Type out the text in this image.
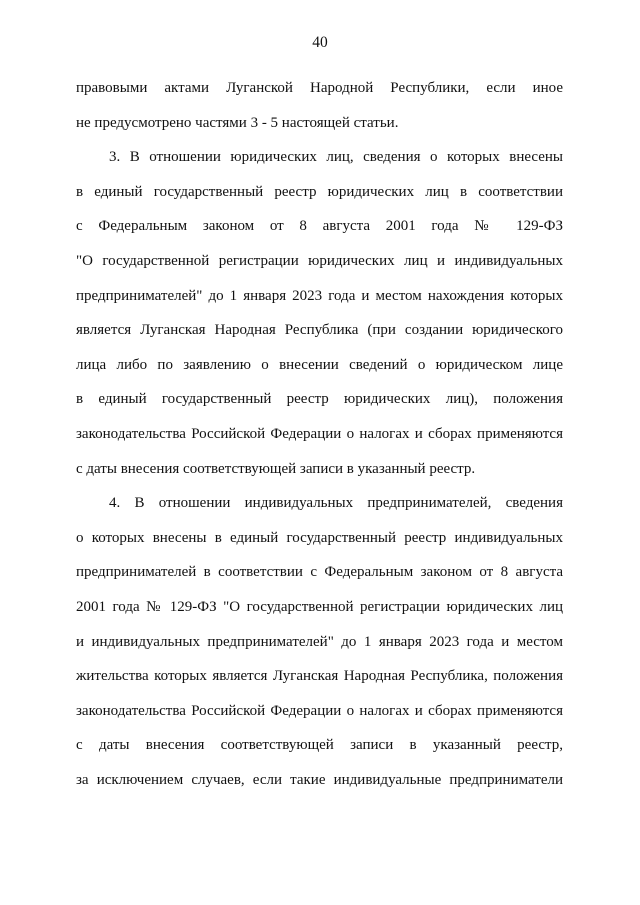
40
правовыми актами Луганской Народной Республики, если иное
не предусмотрено частями 3 - 5 настоящей статьи.
3. В отношении юридических лиц, сведения о которых внесены
в единый государственный реестр юридических лиц в соответствии
с Федеральным законом от 8 августа 2001 года № 129-ФЗ
"О государственной регистрации юридических лиц и индивидуальных
предпринимателей" до 1 января 2023 года и местом нахождения которых
является Луганская Народная Республика (при создании юридического
лица либо по заявлению о внесении сведений о юридическом лице
в единый государственный реестр юридических лиц), положения
законодательства Российской Федерации о налогах и сборах применяются
с даты внесения соответствующей записи в указанный реестр.
4. В отношении индивидуальных предпринимателей, сведения
о которых внесены в единый государственный реестр индивидуальных
предпринимателей в соответствии с Федеральным законом от 8 августа
2001 года № 129-ФЗ "О государственной регистрации юридических лиц
и индивидуальных предпринимателей" до 1 января 2023 года и местом
жительства которых является Луганская Народная Республика, положения
законодательства Российской Федерации о налогах и сборах применяются
с даты внесения соответствующей записи в указанный реестр,
за исключением случаев, если такие индивидуальные предприниматели
